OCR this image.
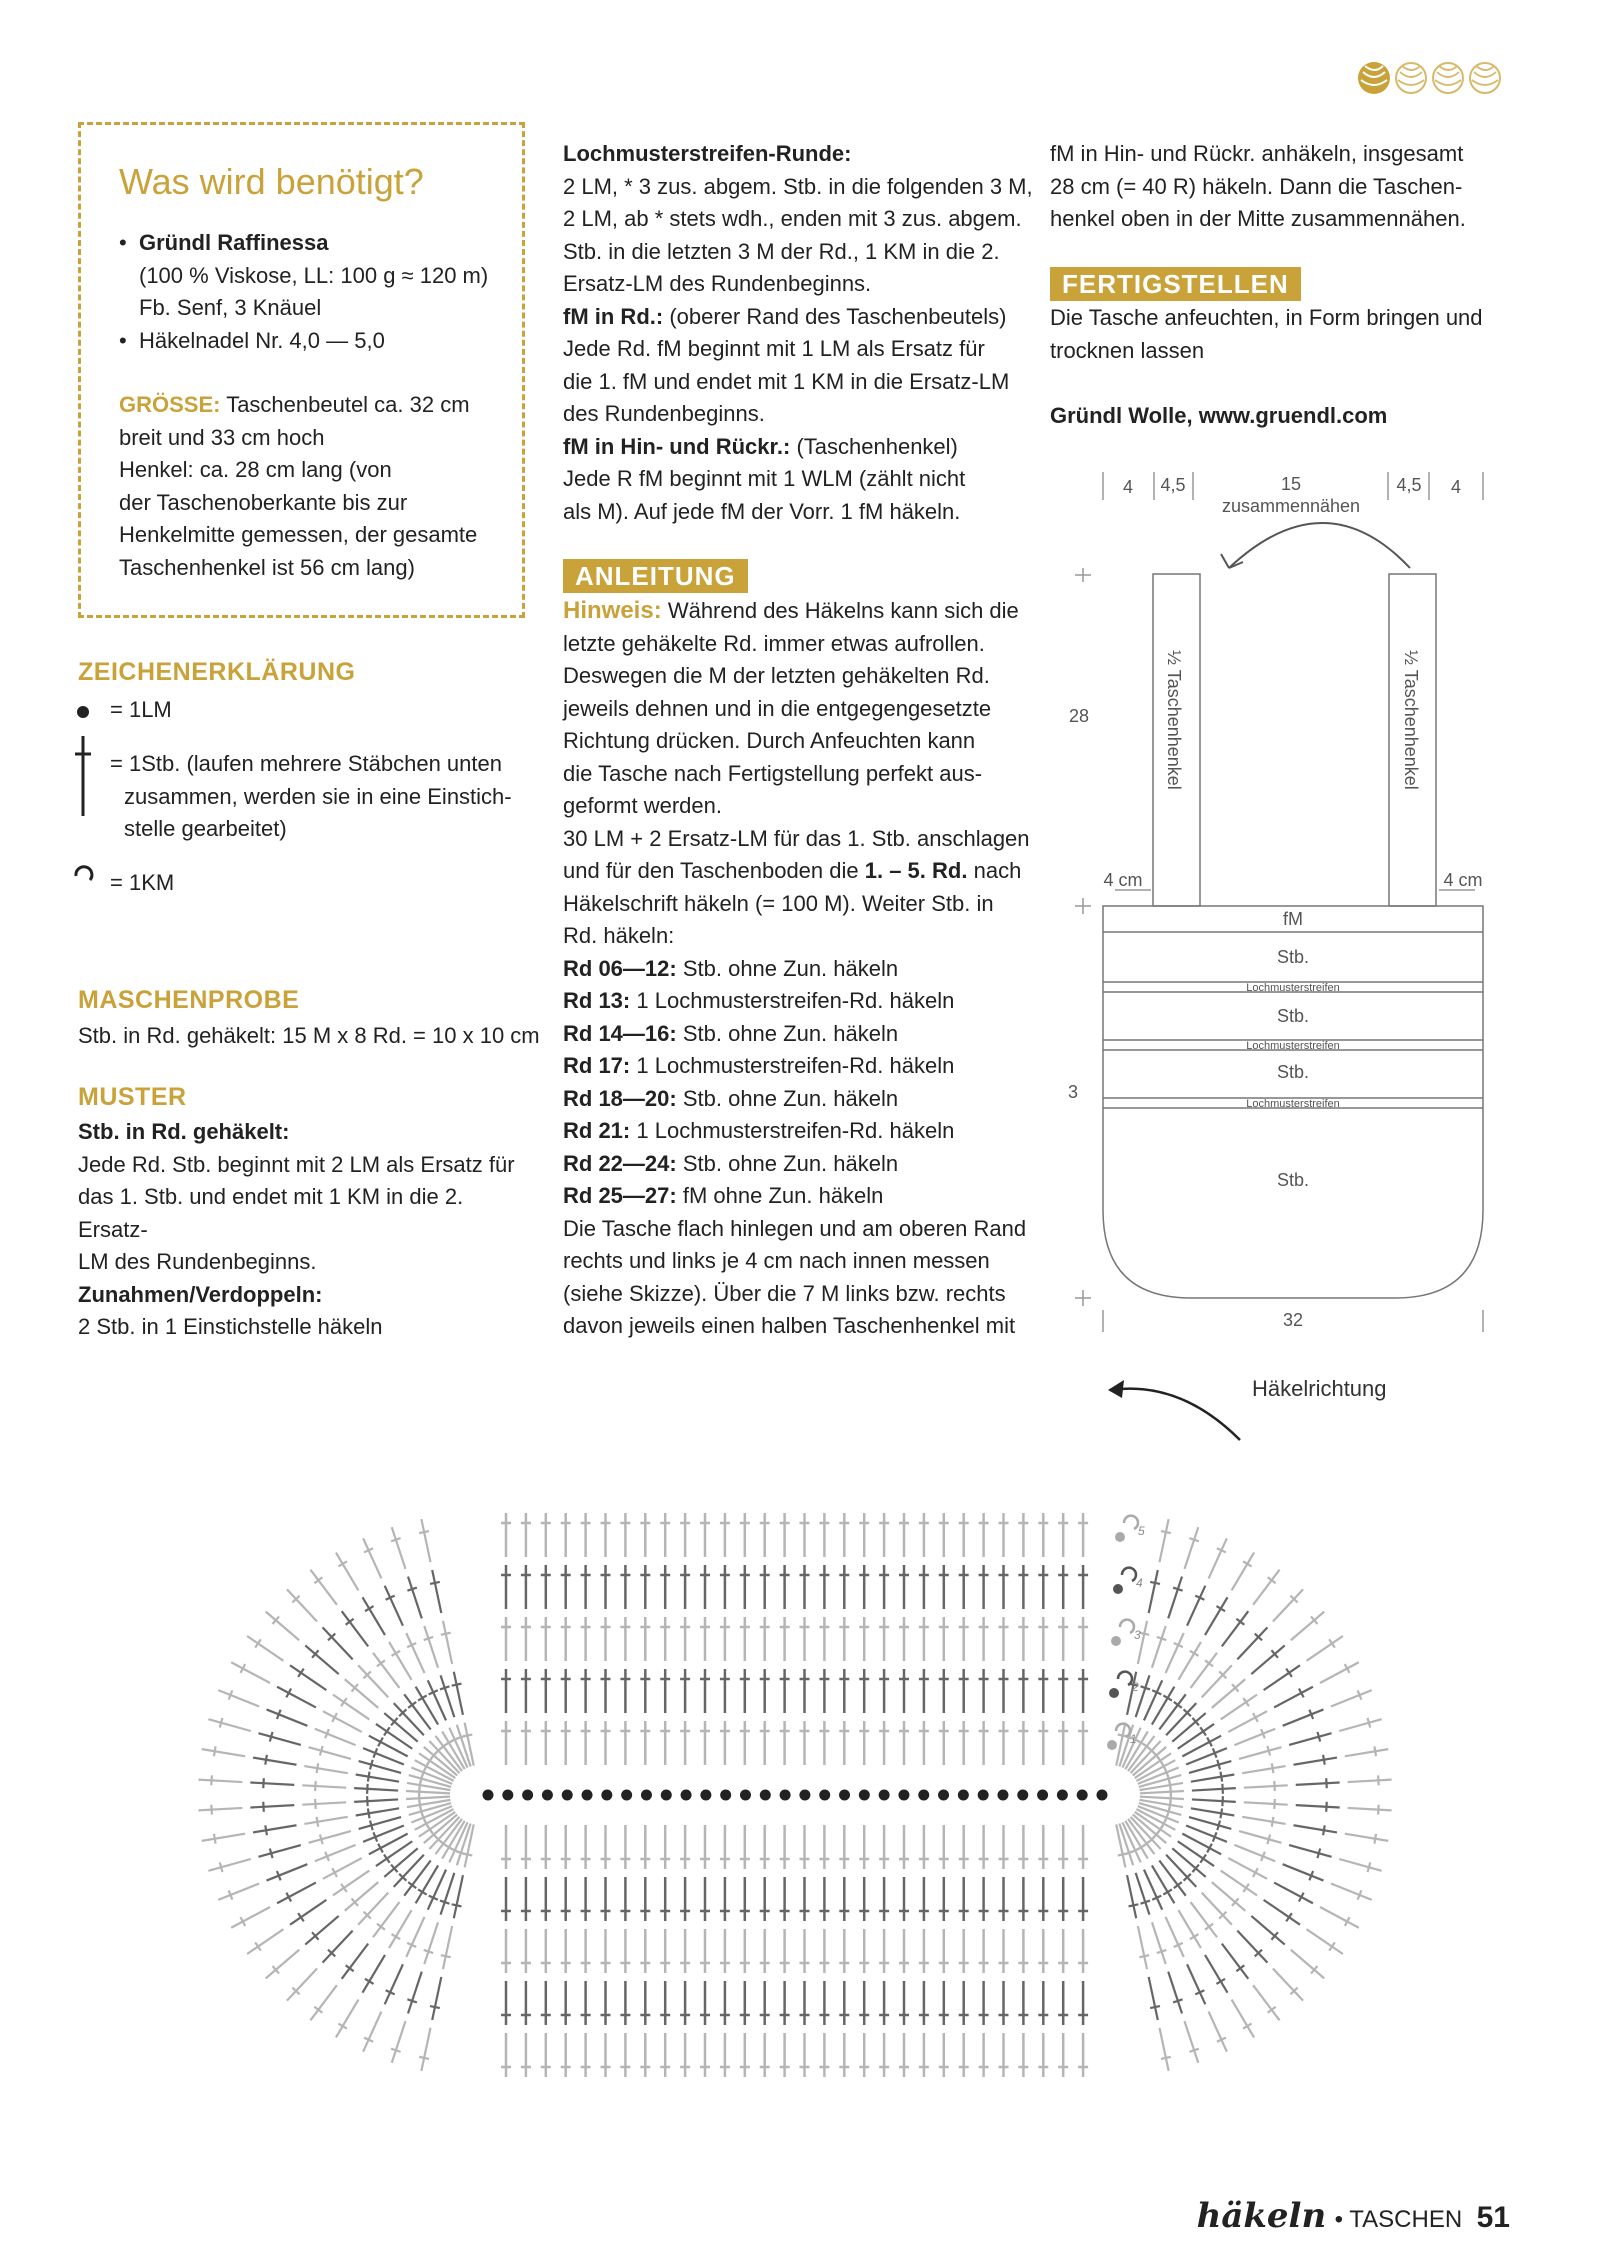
Was wird benötigt?
• Gründl Raffinessa
(100 % Viskose, LL: 100 g ≈ 120 m)
Fb. Senf, 3 Knäuel
• Häkelnadel Nr. 4,0 — 5,0
GRÖSSE: Taschenbeutel ca. 32 cm
breit und 33 cm hoch
Henkel: ca. 28 cm lang (von
der Taschenoberkante bis zur
Henkelmitte gemessen, der gesamte
Taschenhenkel ist 56 cm lang)
ZEICHENERKLÄRUNG
= 1LM
= 1Stb. (laufen mehrere Stäbchen unten
zusammen, werden sie in eine Einstich-
stelle gearbeitet)
= 1KM
MASCHENPROBE
Stb. in Rd. gehäkelt: 15 M x 8 Rd. = 10 x 10 cm
MUSTER
Stb. in Rd. gehäkelt:
Jede Rd. Stb. beginnt mit 2 LM als Ersatz für
das 1. Stb. und endet mit 1 KM in die 2. Ersatz-
LM des Rundenbeginns.
Zunahmen/Verdoppeln:
2 Stb. in 1 Einstichstelle häkeln
Lochmusterstreifen-Runde:
2 LM, * 3 zus. abgem. Stb. in die folgenden 3 M,
2 LM, ab * stets wdh., enden mit 3 zus. abgem.
Stb. in die letzten 3 M der Rd., 1 KM in die 2.
Ersatz-LM des Rundenbeginns.
fM in Rd.: (oberer Rand des Taschenbeutels)
Jede Rd. fM beginnt mit 1 LM als Ersatz für
die 1. fM und endet mit 1 KM in die Ersatz-LM
des Rundenbeginns.
fM in Hin- und Rückr.: (Taschenhenkel)
Jede R fM beginnt mit 1 WLM (zählt nicht
als M). Auf jede fM der Vorr. 1 fM häkeln.
ANLEITUNG
Hinweis: Während des Häkelns kann sich die
letzte gehäkelte Rd. immer etwas aufrollen.
Deswegen die M der letzten gehäkelten Rd.
jeweils dehnen und in die entgegengesetzte
Richtung drücken. Durch Anfeuchten kann
die Tasche nach Fertigstellung perfekt aus-
geformt werden.
30 LM + 2 Ersatz-LM für das 1. Stb. anschlagen
und für den Taschenboden die 1. – 5. Rd. nach
Häkelschrift häkeln (= 100 M). Weiter Stb. in
Rd. häkeln:
Rd 06—12: Stb. ohne Zun. häkeln
Rd 13: 1 Lochmusterstreifen-Rd. häkeln
Rd 14—16: Stb. ohne Zun. häkeln
Rd 17: 1 Lochmusterstreifen-Rd. häkeln
Rd 18—20: Stb. ohne Zun. häkeln
Rd 21: 1 Lochmusterstreifen-Rd. häkeln
Rd 22—24: Stb. ohne Zun. häkeln
Rd 25—27: fM ohne Zun. häkeln
Die Tasche flach hinlegen und am oberen Rand
rechts und links je 4 cm nach innen messen
(siehe Skizze). Über die 7 M links bzw. rechts
davon jeweils einen halben Taschenhenkel mit
fM in Hin- und Rückr. anhäkeln, insgesamt
28 cm (= 40 R) häkeln. Dann die Taschen-
henkel oben in der Mitte zusammennähen.
FERTIGSTELLEN
Die Tasche anfeuchten, in Form bringen und
trocknen lassen
Gründl Wolle, www.gruendl.com
4 4,5	15	4,5 4
zusammennähen
28
4 cm	4 cm
3
32
fM
Stb.
Lochmusterstreifen
Stb.
Lochmusterstreifen
Stb.
Lochmusterstreifen
Stb.
½ Taschenhenkel	½ Taschenhenkel
Häkelrichtung
1
2
3
4
5
häkeln • TASCHEN 51
